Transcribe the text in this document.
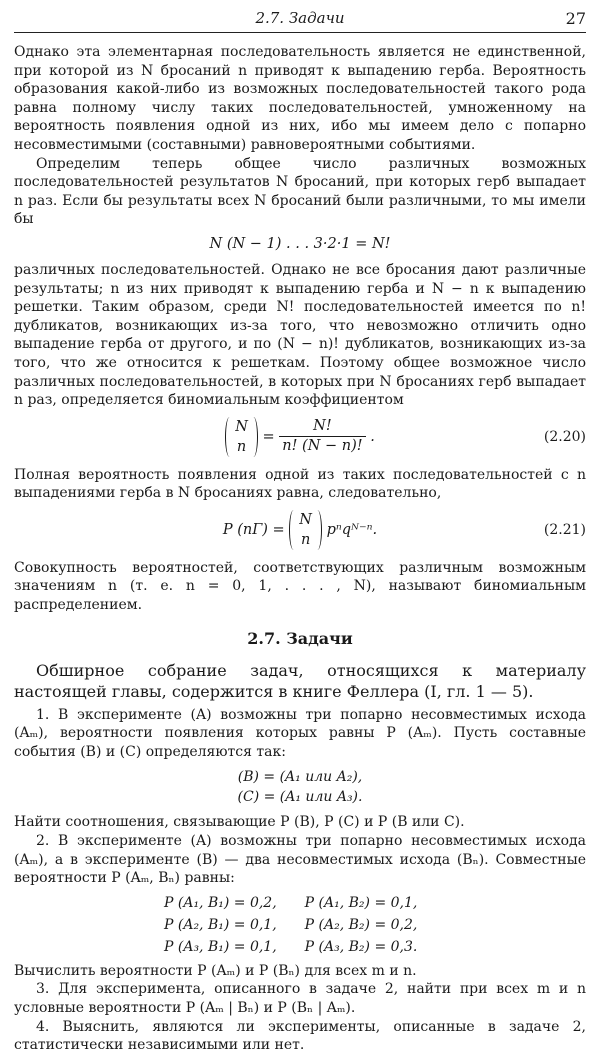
2.7. Задачи	27

Однако эта элементарная последовательность является не единственной, при которой из N бросаний n приводят к выпадению герба. Вероятность образования какой-либо из возможных последовательностей такого рода равна полному числу таких последовательностей, умноженному на вероятность появления одной из них, ибо мы имеем дело с попарно несовместимыми (составными) равновероятными событиями.

Определим теперь общее число различных возможных последовательностей результатов N бросаний, при которых герб выпадает n раз. Если бы результаты всех N бросаний были различными, то мы имели бы

N (N − 1) . . . 3·2·1 = N!

различных последовательностей. Однако не все бросания дают различные результаты; n из них приводят к выпадению герба и N − n к выпадению решетки. Таким образом, среди N! последовательностей имеется по n! дубликатов, возникающих из-за того, что невозможно отличить одно выпадение герба от другого, и по (N − n)! дубликатов, возникающих из-за того, что же относится к решеткам. Поэтому общее возможное число различных последовательностей, в которых при N бросаниях герб выпадает n раз, определяется биномиальным коэффициентом

N
n
= $\frac{N!}{n! (N - n)!}$ .	(2.20)

Полная вероятность появления одной из таких последовательностей с n выпадениями герба в N бросаниях равна, следовательно,

P (nΓ) =
N
n
pⁿqᴺ⁻ⁿ.	(2.21)

Совокупность вероятностей, соответствующих различным возможным значениям n (т. е. n = 0, 1, . . . , N), называют биномиальным распределением.

2.7. Задачи

Обширное собрание задач, относящихся к материалу настоящей главы, содержится в книге Феллера (I, гл. 1 — 5).

1. В эксперименте (A) возможны три попарно несовместимых исхода (Aₘ), вероятности появления которых равны P (Aₘ). Пусть составные события (B) и (C) определяются так:

(B) = (A₁ или A₂),
(C) = (A₁ или A₃).

Найти соотношения, связывающие P (B), P (C) и P (B или C).

2. В эксперименте (A) возможны три попарно несовместимых исхода (Aₘ), а в эксперименте (B) — два несовместимых исхода (Bₙ). Совместные вероятности P (Aₘ, Bₙ) равны:

P (A₁, B₁) = 0,2,	P (A₁, B₂) = 0,1,
P (A₂, B₁) = 0,1,	P (A₂, B₂) = 0,2,
P (A₃, B₁) = 0,1,	P (A₃, B₂) = 0,3.

Вычислить вероятности P (Aₘ) и P (Bₙ) для всех m и n.

3. Для эксперимента, описанного в задаче 2, найти при всех m и n условные вероятности P (Aₘ | Bₙ) и P (Bₙ | Aₘ).

4. Выяснить, являются ли эксперименты, описанные в задаче 2, статистически независимыми или нет.
